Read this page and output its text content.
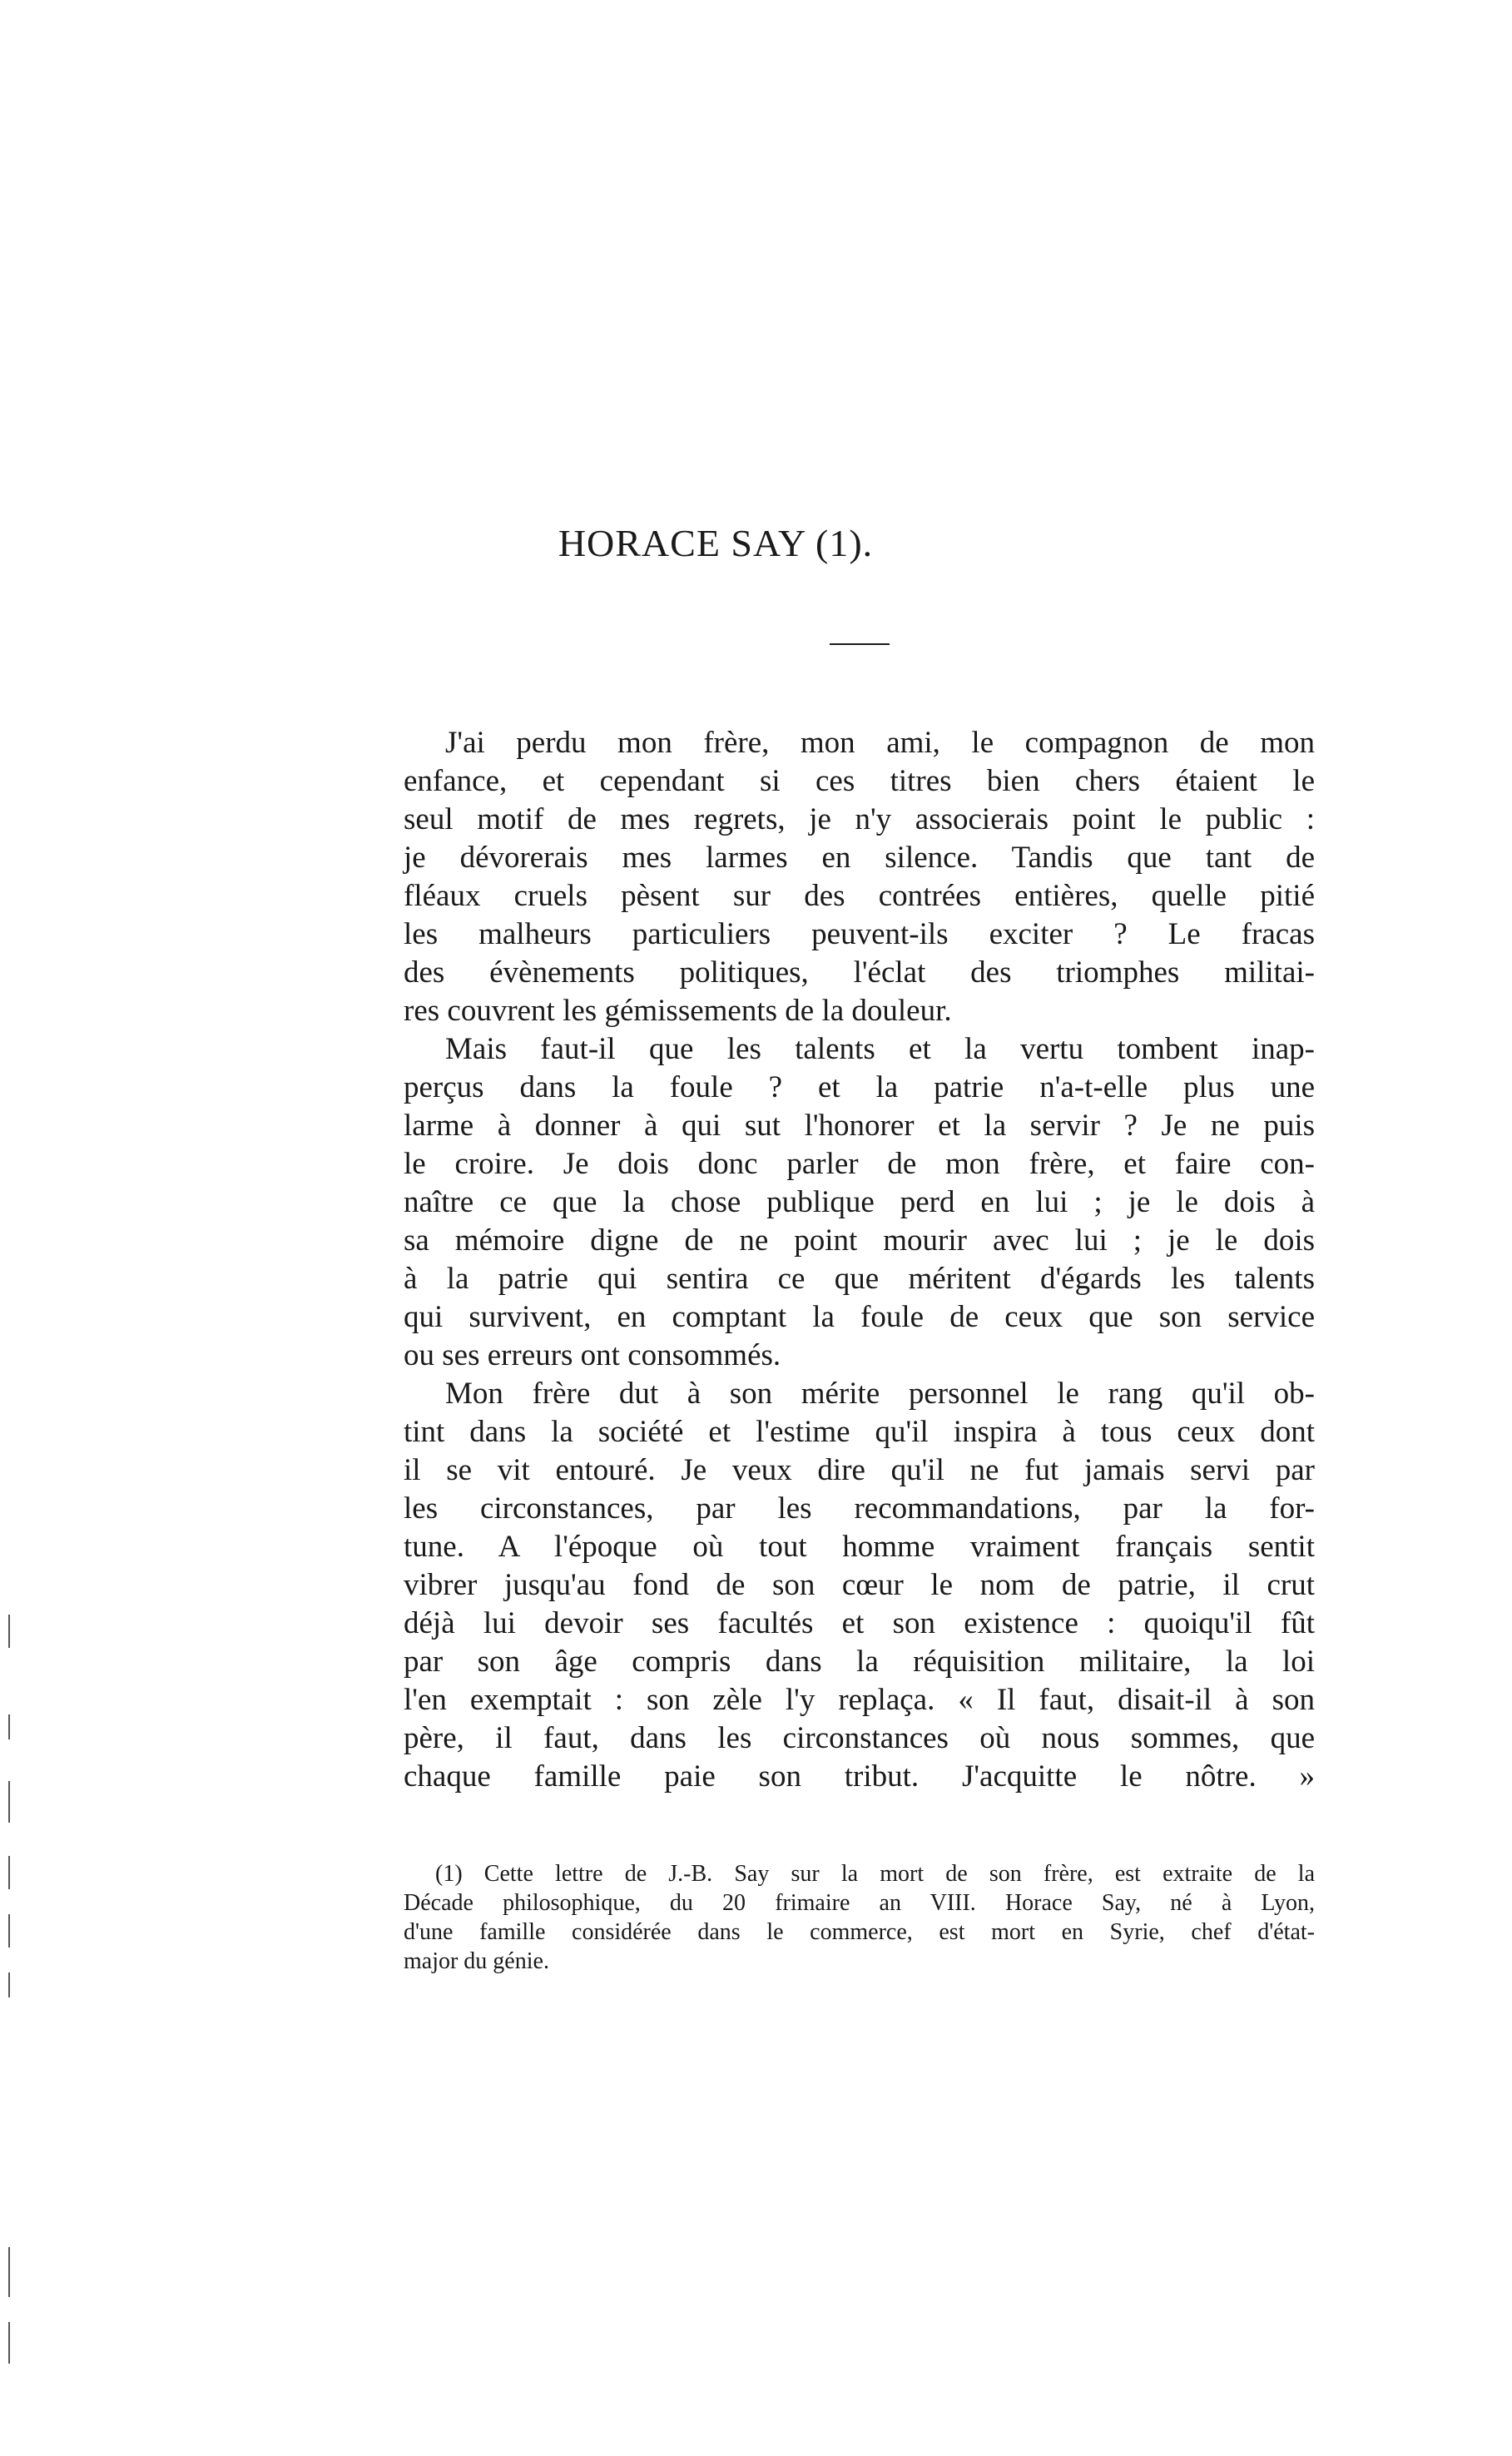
HORACE SAY (1).
J'ai perdu mon frère, mon ami, le compagnon de mon
enfance, et cependant si ces titres bien chers étaient le
seul motif de mes regrets, je n'y associerais point le public :
je dévorerais mes larmes en silence. Tandis que tant de
fléaux cruels pèsent sur des contrées entières, quelle pitié
les malheurs particuliers peuvent-ils exciter ? Le fracas
des évènements politiques, l'éclat des triomphes militai-
res couvrent les gémissements de la douleur.
Mais faut-il que les talents et la vertu tombent inap-
perçus dans la foule ? et la patrie n'a-t-elle plus une
larme à donner à qui sut l'honorer et la servir ? Je ne puis
le croire. Je dois donc parler de mon frère, et faire con-
naître ce que la chose publique perd en lui ; je le dois à
sa mémoire digne de ne point mourir avec lui ; je le dois
à la patrie qui sentira ce que méritent d'égards les talents
qui survivent, en comptant la foule de ceux que son service
ou ses erreurs ont consommés.
Mon frère dut à son mérite personnel le rang qu'il ob-
tint dans la société et l'estime qu'il inspira à tous ceux dont
il se vit entouré. Je veux dire qu'il ne fut jamais servi par
les circonstances, par les recommandations, par la for-
tune. A l'époque où tout homme vraiment français sentit
vibrer jusqu'au fond de son cœur le nom de patrie, il crut
déjà lui devoir ses facultés et son existence : quoiqu'il fût
par son âge compris dans la réquisition militaire, la loi
l'en exemptait : son zèle l'y replaça. « Il faut, disait-il à son
père, il faut, dans les circonstances où nous sommes, que
chaque famille paie son tribut. J'acquitte le nôtre. »
(1) Cette lettre de J.-B. Say sur la mort de son frère, est extraite de la
Décade philosophique, du 20 frimaire an VIII. Horace Say, né à Lyon,
d'une famille considérée dans le commerce, est mort en Syrie, chef d'état-
major du génie.
